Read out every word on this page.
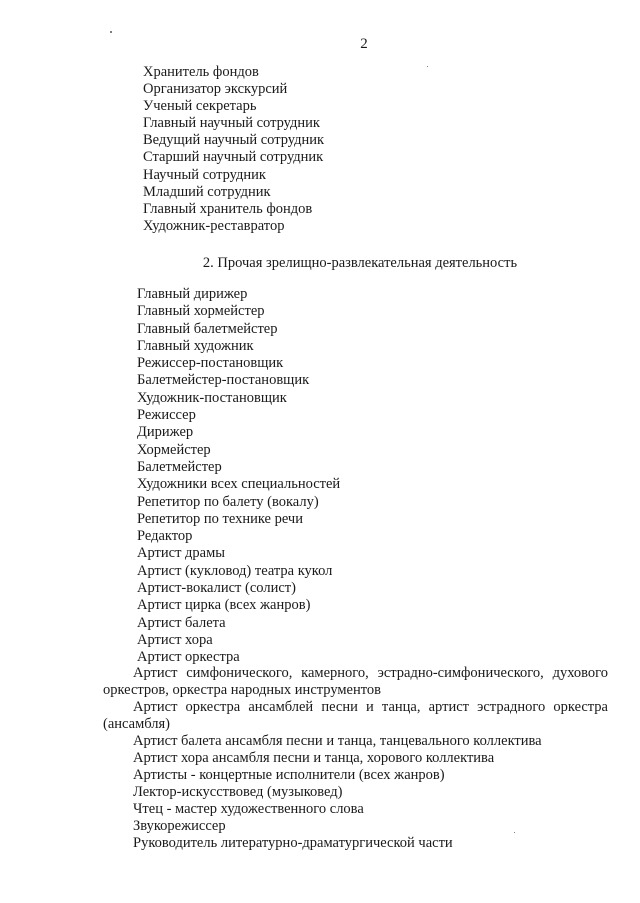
2
Хранитель фондов
Организатор экскурсий
Ученый секретарь
Главный научный сотрудник
Ведущий научный сотрудник
Старший научный сотрудник
Научный сотрудник
Младший сотрудник
Главный хранитель фондов
Художник-реставратор
2. Прочая зрелищно-развлекательная деятельность
Главный дирижер
Главный хормейстер
Главный балетмейстер
Главный художник
Режиссер-постановщик
Балетмейстер-постановщик
Художник-постановщик
Режиссер
Дирижер
Хормейстер
Балетмейстер
Художники всех специальностей
Репетитор по балету (вокалу)
Репетитор по технике речи
Редактор
Артист драмы
Артист (кукловод) театра кукол
Артист-вокалист (солист)
Артист цирка (всех жанров)
Артист балета
Артист хора
Артист оркестра
Артист симфонического, камерного, эстрадно-симфонического, духового оркестров, оркестра народных инструментов
Артист оркестра ансамблей песни и танца, артист эстрадного оркестра (ансамбля)
Артист балета ансамбля песни и танца, танцевального коллектива
Артист хора ансамбля песни и танца, хорового коллектива
Артисты - концертные исполнители (всех жанров)
Лектор-искусствовед (музыковед)
Чтец - мастер художественного слова
Звукорежиссер
Руководитель литературно-драматургической части
